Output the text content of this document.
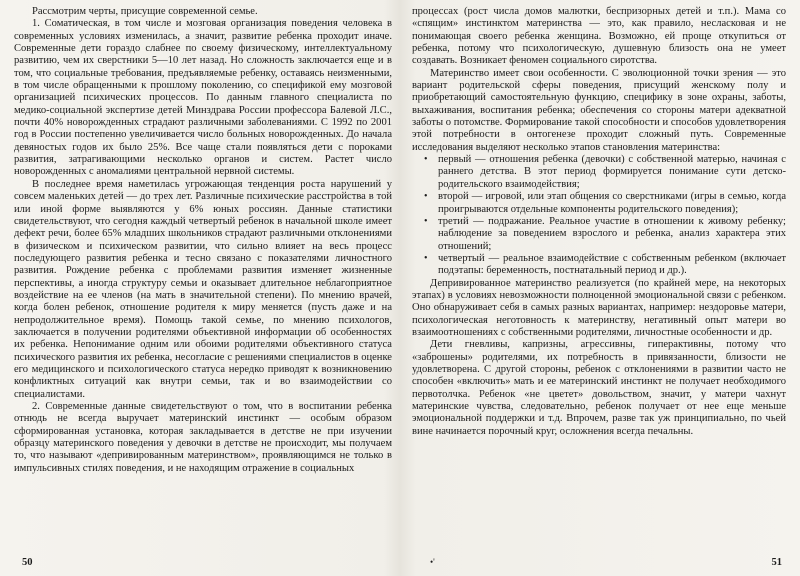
Рассмотрим черты, присущие современной семье.

1. Соматическая, в том числе и мозговая организация поведения человека в современных условиях изменилась, а значит, развитие ребенка проходит иначе. Современные дети гораздо слабнее по своему физическому, интеллектуальному развитию, чем их сверстники 5—10 лет назад. Но сложность заключается еще и в том, что социальные требования, предъявляемые ребенку, оставаясь неизменными, в том числе обращенными к прошлому поколению, со спецификой ему мозговой организацией психических процессов. По данным главного специалиста по медико-социальной экспертизе детей Минздрава России профессора Балевой Л.С., почти 40% новорожденных страдают различными заболеваниями. С 1992 по 2001 год в России постепенно увеличивается число больных новорожденных. До начала девяностых годов их было 25%. Все чаще стали появляться дети с пороками развития, затрагивающими несколько органов и систем. Растет число новорожденных с аномалиями центральной нервной системы.

В последнее время наметилась угрожающая тенденция роста нарушений у совсем маленьких детей — до трех лет. Различные психические расстройства в той или иной форме выявляются у 6% юных россиян. Данные статистики свидетельствуют, что сегодня каждый четвертый ребенок в начальной школе имеет дефект речи, более 65% младших школьников страдают различными отклонениями в физическом и психическом развитии, что сильно влияет на весь процесс последующего развития ребенка и тесно связано с показателями личностного развития. Рождение ребенка с проблемами развития изменяет жизненные перспективы, а иногда структуру семьи и оказывает длительное неблагоприятное воздействие на ее членов (на мать в значительной степени). По мнению врачей, когда болен ребенок, отношение родителя к миру меняется (пусть даже и на непродолжительное время). Помощь такой семье, по мнению психологов, заключается в получении родителями объективной информации об особенностях их ребенка. Непонимание одним или обоими родителями объективного статуса психического развития их ребенка, несогласие с решениями специалистов в оценке его медицинского и психологического статуса нередко приводят к возникновению конфликтных ситуаций как внутри семьи, так и во взаимодействии со специалистами.

2. Современные данные свидетельствуют о том, что в воспитании ребенка отнюдь не всегда выручает материнский инстинкт — особым образом сформированная установка, которая закладывается в детстве не при изучении образцу материнского поведения у девочки в детстве не происходит, мы получаем то, что называют «депривированным материнством», проявляющимся не только в импульсивных стилях поведения, и не находящим отражение в социальных

процессах (рост числа домов малютки, беспризорных детей и т.п.). Мама со «спящим» инстинктом материнства — это, как правило, несласковая и не понимающая своего ребенка женщина. Возможно, ей проще откупиться от ребенка, потому что психологическую, душевную близость она не умеет создавать. Возникает феномен социального сиротства.

Материнство имеет свои особенности. С эволюционной точки зрения — это вариант родительской сферы поведения, присущий женскому полу и приобретающий самостоятельную функцию, специфику в зоне охраны, заботы, выхаживания, воспитания ребенка; обеспечения со стороны матери адекватной заботы о потомстве. Формирование такой способности и способов удовлетворения этой потребности в онтогенезе проходит сложный путь. Современные исследования выделяют несколько этапов становления материнства:

• первый — отношения ребенка (девочки) с собственной матерью, начиная с раннего детства. В этот период формируется понимание сути детско-родительского взаимодействия;
• второй — игровой, или этап общения со сверстниками (игры в семью, когда проигрываются отдельные компоненты родительского поведения);
• третий — подражание. Реальное участие в отношении к живому ребенку; наблюдение за поведением взрослого и ребенка, анализ характера этих отношений;
• четвертый — реальное взаимодействие с собственным ребенком (включает подэтапы: беременность, постнатальный период и др.).

Депривированное материнство реализуется (по крайней мере, на некоторых этапах) в условиях невозможности полноценной эмоциональной связи с ребенком. Оно обнаруживает себя в самых разных вариантах, например: нездоровье матери, психологическая неготовность к материнству, негативный опыт матери во взаимоотношениях с собственными родителями, личностные особенности и др.

Дети гневливы, капризны, агрессивны, гиперактивны, потому что «заброшены» родителями, их потребность в привязанности, близости не удовлетворена. С другой стороны, ребенок с отклонениями в развитии часто не способен «включить» мать и ее материнский инстинкт не получает необходимого первотолчка. Ребенок «не цветет» довольством, значит, у матери чахнут материнские чувства, следовательно, ребенок получает от нее еще меньше эмоциональной поддержки и т.д. Впрочем, разве так уж принципиально, по чьей вине начинается порочный круг, осложнения всегда печальны.

50	•'	51
